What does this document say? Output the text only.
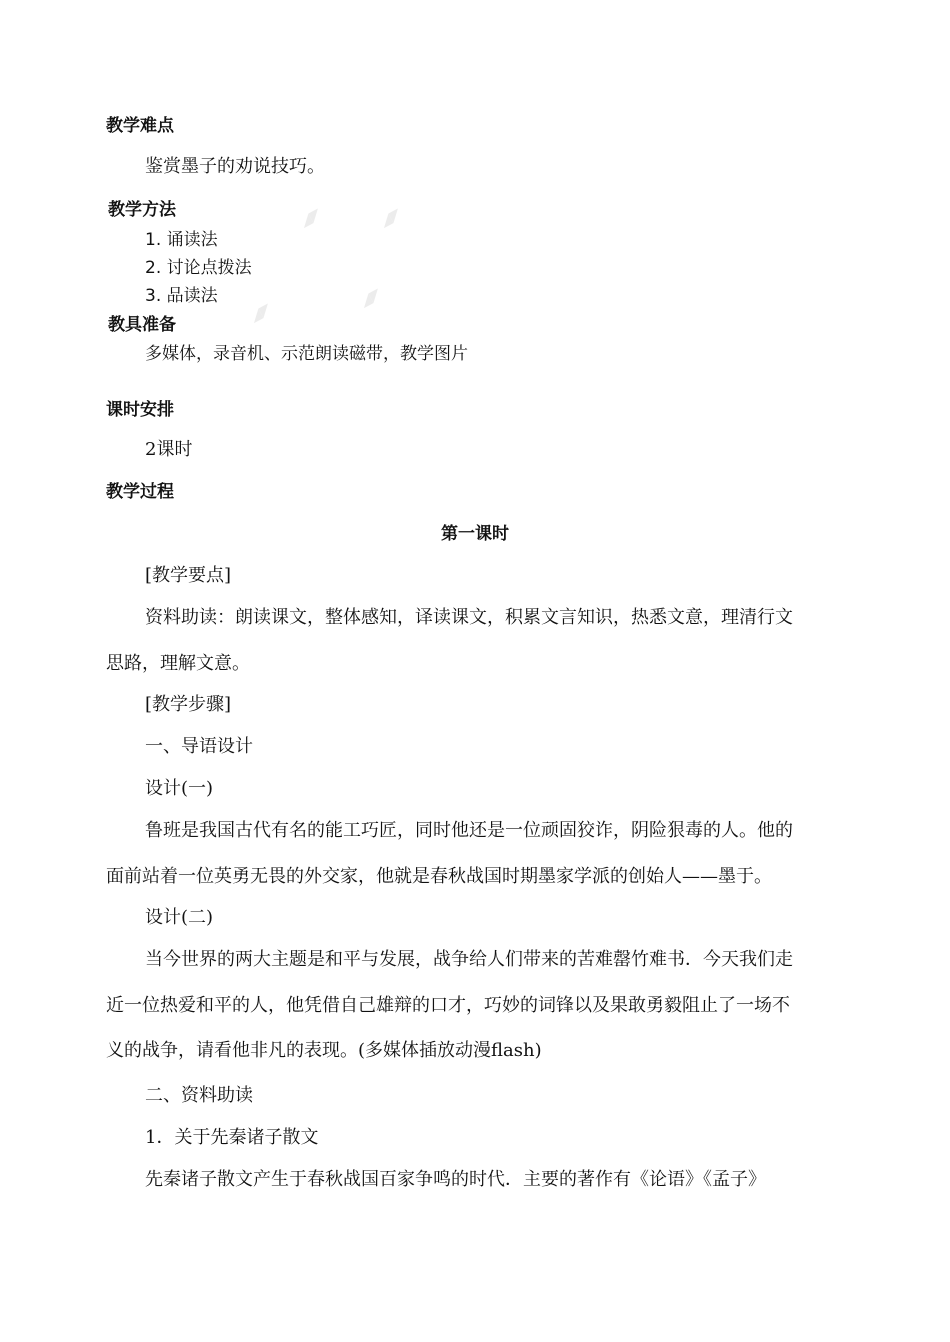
◢◤	◢◤
◢◤
◢◤
教学难点
鉴赏墨子的劝说技巧。
教学方法
1. 诵读法
2. 讨论点拨法
3. 品读法
教具准备
多媒体，录音机、示范朗读磁带，教学图片
课时安排
2课时
教学过程
第一课时
[教学要点]
资料助读：朗读课文，整体感知，译读课文，积累文言知识，热悉文意，理清行文
思路，理解文意。
[教学步骤]
一、导语设计
设计(一)
鲁班是我国古代有名的能工巧匠，同时他还是一位顽固狡诈，阴险狠毒的人。他的
面前站着一位英勇无畏的外交家，他就是春秋战国时期墨家学派的创始人——墨于。
设计(二)
当今世界的两大主题是和平与发展，战争给人们带来的苦难罄竹难书．今天我们走
近一位热爱和平的人，他凭借自己雄辩的口才，巧妙的词锋以及果敢勇毅阻止了一场不
义的战争，请看他非凡的表现。(多媒体插放动漫flash)
二、资料助读
1．关于先秦诸子散文
先秦诸子散文产生于春秋战国百家争鸣的时代．主要的著作有《论语》《孟子》
